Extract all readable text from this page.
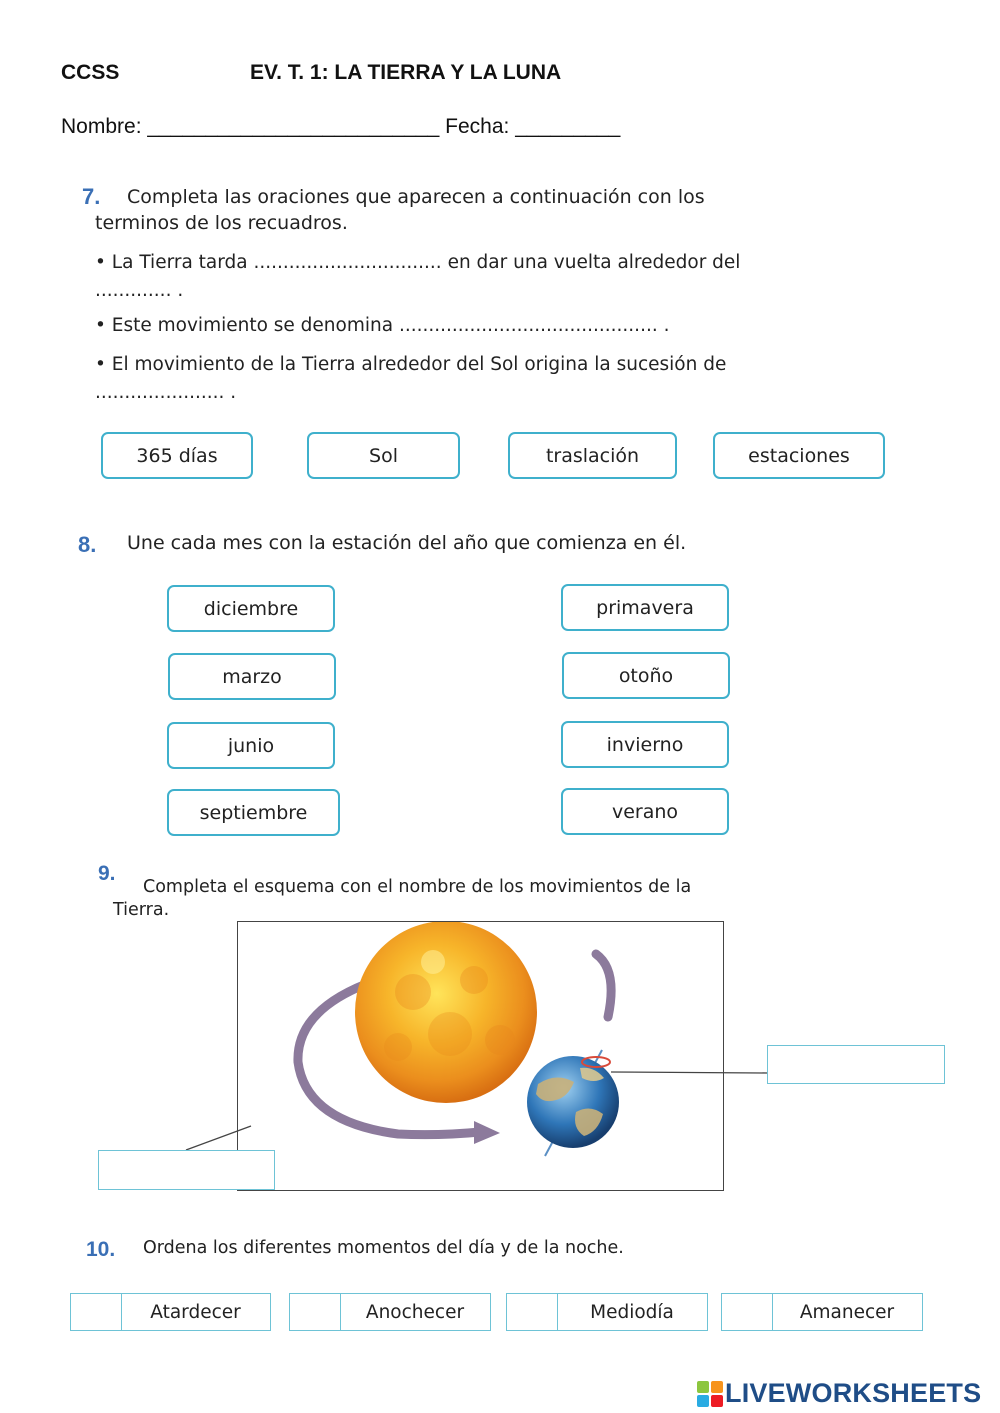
CCSS	EV. T. 1: LA TIERRA Y LA LUNA
Nombre: _________________________ Fecha: _________
7. Completa las oraciones que aparecen a continuación con los
terminos de los recuadros.
• La Tierra tarda ................................ en dar una vuelta alrededor del
............. .
• Este movimiento se denomina ............................................ .
• El movimiento de la Tierra alrededor del Sol origina la sucesión de
...................... .
365 días	Sol	traslación	estaciones
8. Une cada mes con la estación del año que comienza en él.
diciembre
marzo
junio
septiembre
primavera
otoño
invierno
verano
9.
Completa el esquema con el nombre de los movimientos de la
Tierra.
10. Ordena los diferentes momentos del día y de la noche.
Atardecer	Anochecer	Mediodía	Amanecer
LIVEWORKSHEETS
